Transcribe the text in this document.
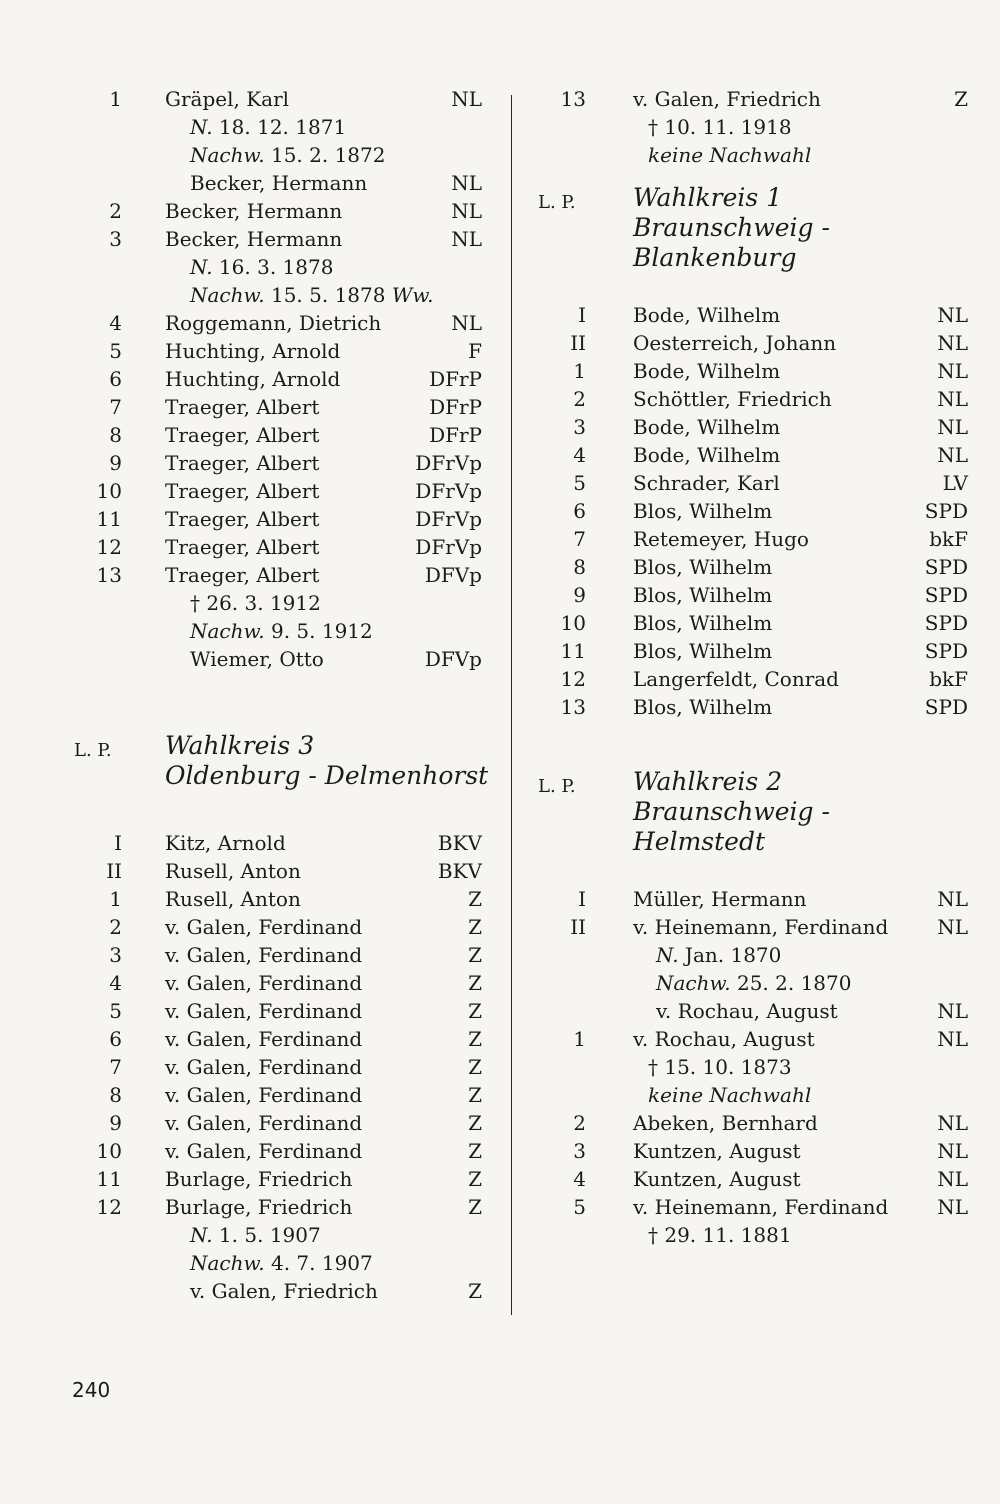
1 Gräpel, Karl	NL
N. 18. 12. 1871
Nachw. 15. 2. 1872
Becker, Hermann	NL
2 Becker, Hermann	NL
3 Becker, Hermann	NL
N. 16. 3. 1878
Nachw. 15. 5. 1878 Ww.
4 Roggemann, Dietrich	NL
5 Huchting, Arnold	F
6 Huchting, Arnold	DFrP
7 Traeger, Albert	DFrP
8 Traeger, Albert	DFrP
9 Traeger, Albert	DFrVp
10 Traeger, Albert	DFrVp
11 Traeger, Albert	DFrVp
12 Traeger, Albert	DFrVp
13 Traeger, Albert	DFVp
† 26. 3. 1912
Nachw. 9. 5. 1912
Wiemer, Otto	DFVp
L. P. Wahlkreis 3
Oldenburg - Delmenhorst
I Kitz, Arnold	BKV
II Rusell, Anton	BKV
1 Rusell, Anton	Z
2 v. Galen, Ferdinand	Z
3 v. Galen, Ferdinand	Z
4 v. Galen, Ferdinand	Z
5 v. Galen, Ferdinand	Z
6 v. Galen, Ferdinand	Z
7 v. Galen, Ferdinand	Z
8 v. Galen, Ferdinand	Z
9 v. Galen, Ferdinand	Z
10 v. Galen, Ferdinand	Z
11 Burlage, Friedrich	Z
12 Burlage, Friedrich	Z
N. 1. 5. 1907
Nachw. 4. 7. 1907
v. Galen, Friedrich	Z
13 v. Galen, Friedrich	Z
† 10. 11. 1918
keine Nachwahl
L. P. Wahlkreis 1
Braunschweig -
Blankenburg
I Bode, Wilhelm	NL
II Oesterreich, Johann	NL
1 Bode, Wilhelm	NL
2 Schöttler, Friedrich	NL
3 Bode, Wilhelm	NL
4 Bode, Wilhelm	NL
5 Schrader, Karl	LV
6 Blos, Wilhelm	SPD
7 Retemeyer, Hugo	bkF
8 Blos, Wilhelm	SPD
9 Blos, Wilhelm	SPD
10 Blos, Wilhelm	SPD
11 Blos, Wilhelm	SPD
12 Langerfeldt, Conrad	bkF
13 Blos, Wilhelm	SPD
L. P. Wahlkreis 2
Braunschweig -
Helmstedt
I Müller, Hermann	NL
II v. Heinemann, Ferdinand NL
N. Jan. 1870
Nachw. 25. 2. 1870
v. Rochau, August	NL
1 v. Rochau, August	NL
† 15. 10. 1873
keine Nachwahl
2 Abeken, Bernhard	NL
3 Kuntzen, August	NL
4 Kuntzen, August	NL
5 v. Heinemann, Ferdinand NL
† 29. 11. 1881
240
